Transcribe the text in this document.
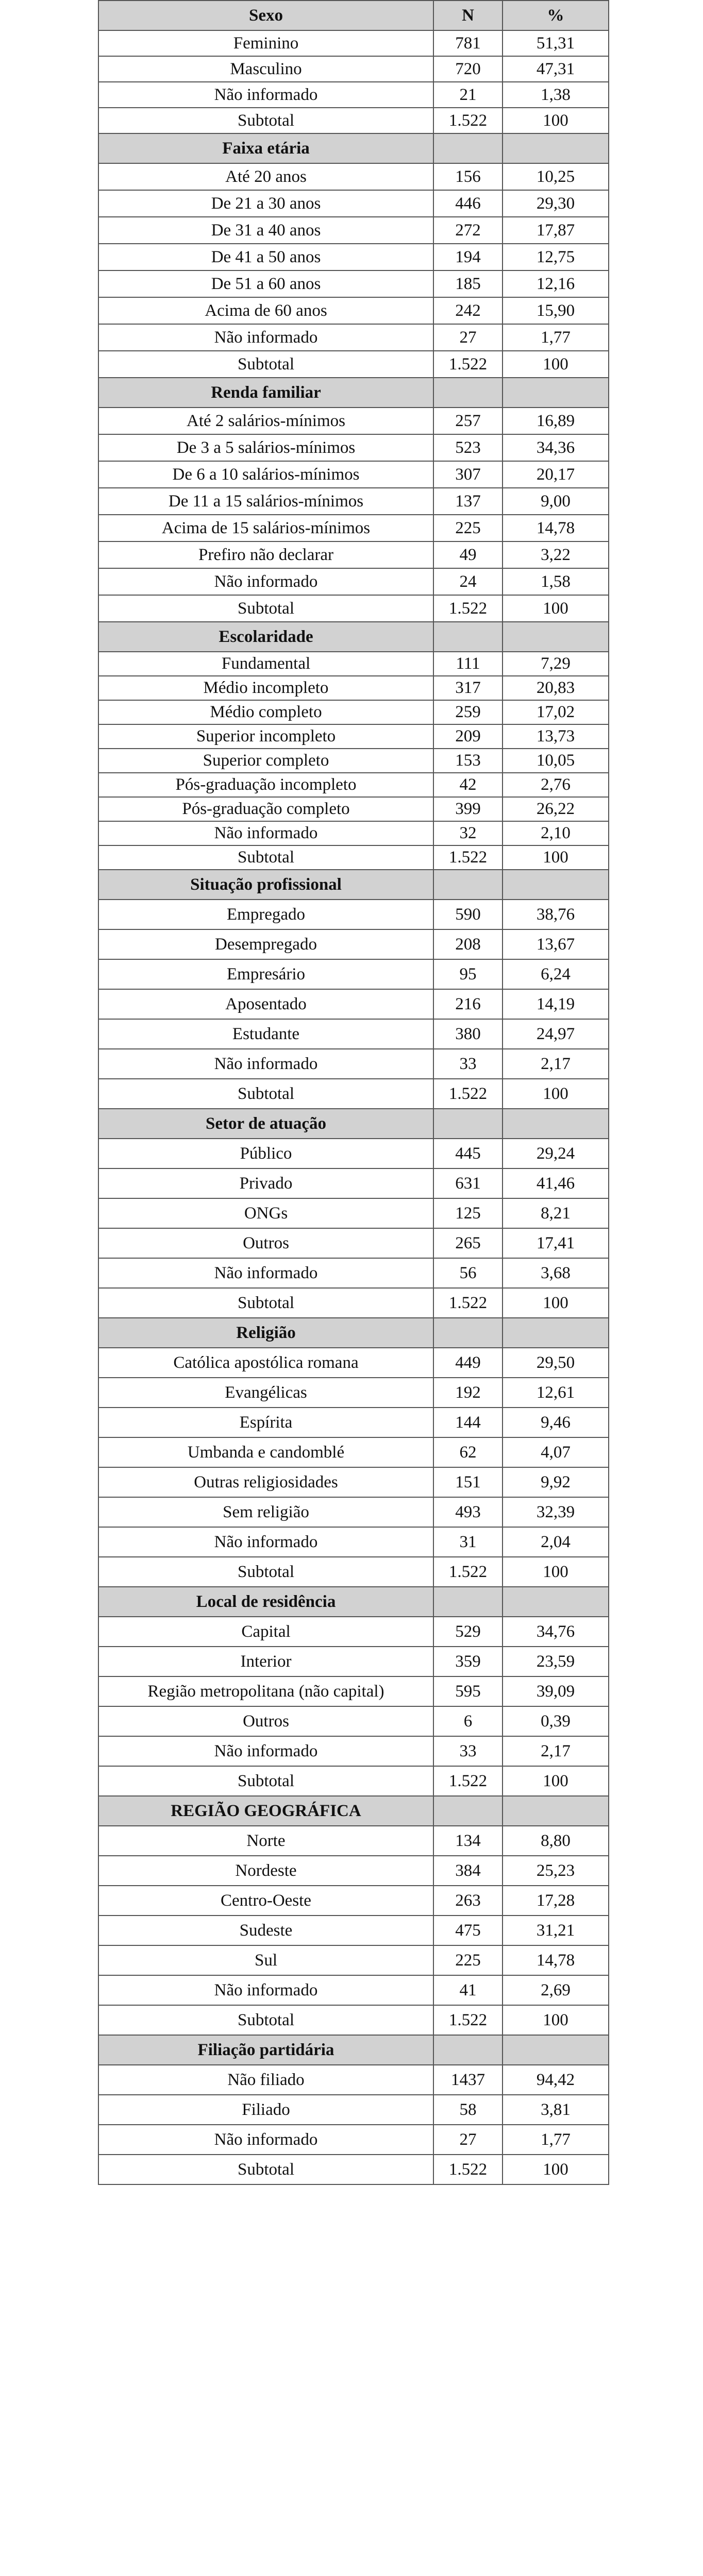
Sexo	N	%
Feminino	781	51,31
Masculino	720	47,31
Não informado	21	1,38
Subtotal	1.522	100
Faixa etária		
Até 20 anos	156	10,25
De 21 a 30 anos	446	29,30
De 31 a 40 anos	272	17,87
De 41 a 50 anos	194	12,75
De 51 a 60 anos	185	12,16
Acima de 60 anos	242	15,90
Não informado	27	1,77
Subtotal	1.522	100
Renda familiar		
Até 2 salários-mínimos	257	16,89
De 3 a 5 salários-mínimos	523	34,36
De 6 a 10 salários-mínimos	307	20,17
De 11 a 15 salários-mínimos	137	9,00
Acima de 15 salários-mínimos	225	14,78
Prefiro não declarar	49	3,22
Não informado	24	1,58
Subtotal	1.522	100
Escolaridade		
Fundamental	111	7,29
Médio incompleto	317	20,83
Médio completo	259	17,02
Superior incompleto	209	13,73
Superior completo	153	10,05
Pós-graduação incompleto	42	2,76
Pós-graduação completo	399	26,22
Não informado	32	2,10
Subtotal	1.522	100
Situação profissional		
Empregado	590	38,76
Desempregado	208	13,67
Empresário	95	6,24
Aposentado	216	14,19
Estudante	380	24,97
Não informado	33	2,17
Subtotal	1.522	100
Setor de atuação		
Público	445	29,24
Privado	631	41,46
ONGs	125	8,21
Outros	265	17,41
Não informado	56	3,68
Subtotal	1.522	100
Religião		
Católica apostólica romana	449	29,50
Evangélicas	192	12,61
Espírita	144	9,46
Umbanda e candomblé	62	4,07
Outras religiosidades	151	9,92
Sem religião	493	32,39
Não informado	31	2,04
Subtotal	1.522	100
Local de residência		
Capital	529	34,76
Interior	359	23,59
Região metropolitana (não capital)	595	39,09
Outros	6	0,39
Não informado	33	2,17
Subtotal	1.522	100
REGIÃO GEOGRÁFICA		
Norte	134	8,80
Nordeste	384	25,23
Centro-Oeste	263	17,28
Sudeste	475	31,21
Sul	225	14,78
Não informado	41	2,69
Subtotal	1.522	100
Filiação partidária		
Não filiado	1437	94,42
Filiado	58	3,81
Não informado	27	1,77
Subtotal	1.522	100
